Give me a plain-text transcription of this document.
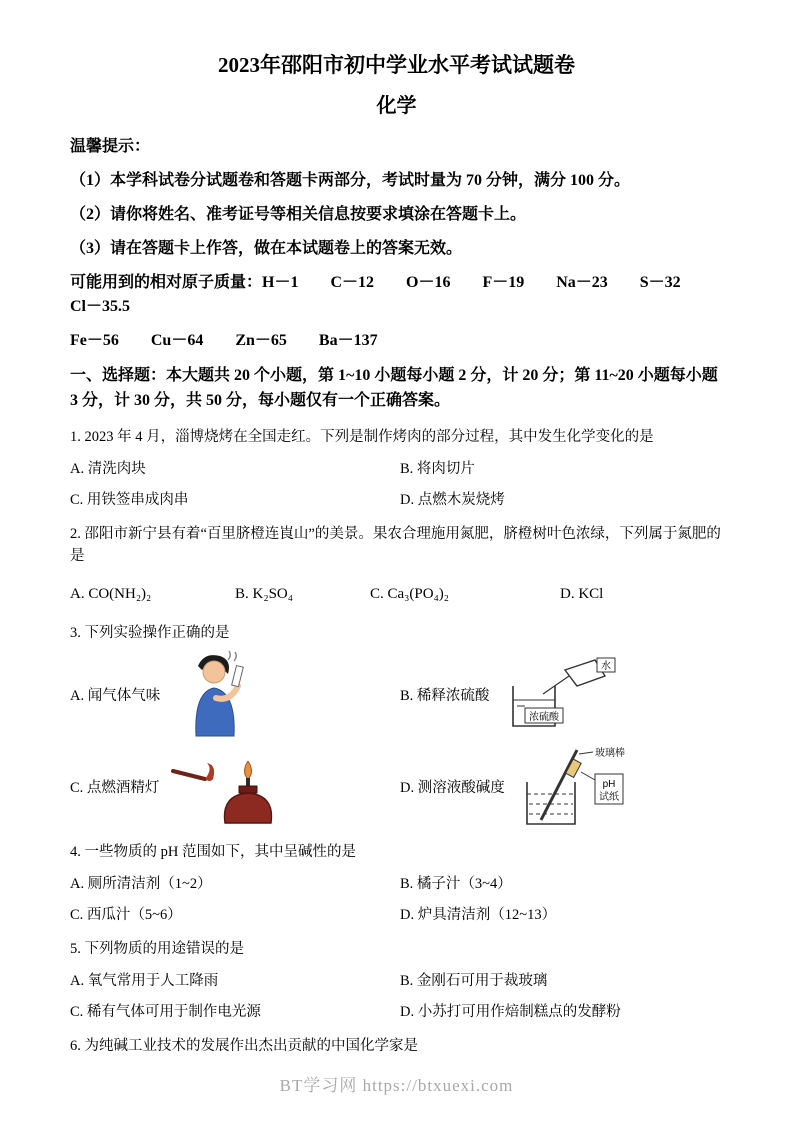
2023年邵阳市初中学业水平考试试题卷
化学

温馨提示：

（1）本学科试卷分试题卷和答题卡两部分，考试时量为 70 分钟，满分 100 分。

（2）请你将姓名、准考证号等相关信息按要求填涂在答题卡上。

（3）请在答题卡上作答，做在本试题卷上的答案无效。

可能用到的相对原子质量：H－1　　C－12　　O－16　　F－19　　Na－23　　S－32　　Cl－35.5

Fe－56　　Cu－64　　Zn－65　　Ba－137

一、选择题：本大题共 20 个小题，第 1~10 小题每小题 2 分，计 20 分；第 11~20 小题每小题 3 分，计 30 分，共 50 分，每小题仅有一个正确答案。

1. 2023 年 4 月，淄博烧烤在全国走红。下列是制作烤肉的部分过程，其中发生化学变化的是

A. 清洗肉块	B. 将肉切片
C. 用铁签串成肉串	D. 点燃木炭烧烤

2. 邵阳市新宁县有着“百里脐橙连崀山”的美景。果农合理施用氮肥，脐橙树叶色浓绿，下列属于氮肥的是

A. CO(NH₂)₂	B. K₂SO₄	C. Ca₃(PO₄)₂	D. KCl

3. 下列实验操作正确的是

A. 闻气体气味	B. 稀释浓硫酸
水
浓硫酸
C. 点燃酒精灯	D. 测溶液酸碱度
玻璃棒
pH
试纸

4. 一些物质的 pH 范围如下，其中呈碱性的是

A. 厕所清洁剂（1~2）	B. 橘子汁（3~4）
C. 西瓜汁（5~6）	D. 炉具清洁剂（12~13）

5. 下列物质的用途错误的是

A. 氧气常用于人工降雨	B. 金刚石可用于裁玻璃
C. 稀有气体可用于制作电光源	D. 小苏打可用作焙制糕点的发酵粉

6. 为纯碱工业技术的发展作出杰出贡献的中国化学家是

BT学习网 https://btxuexi.com
